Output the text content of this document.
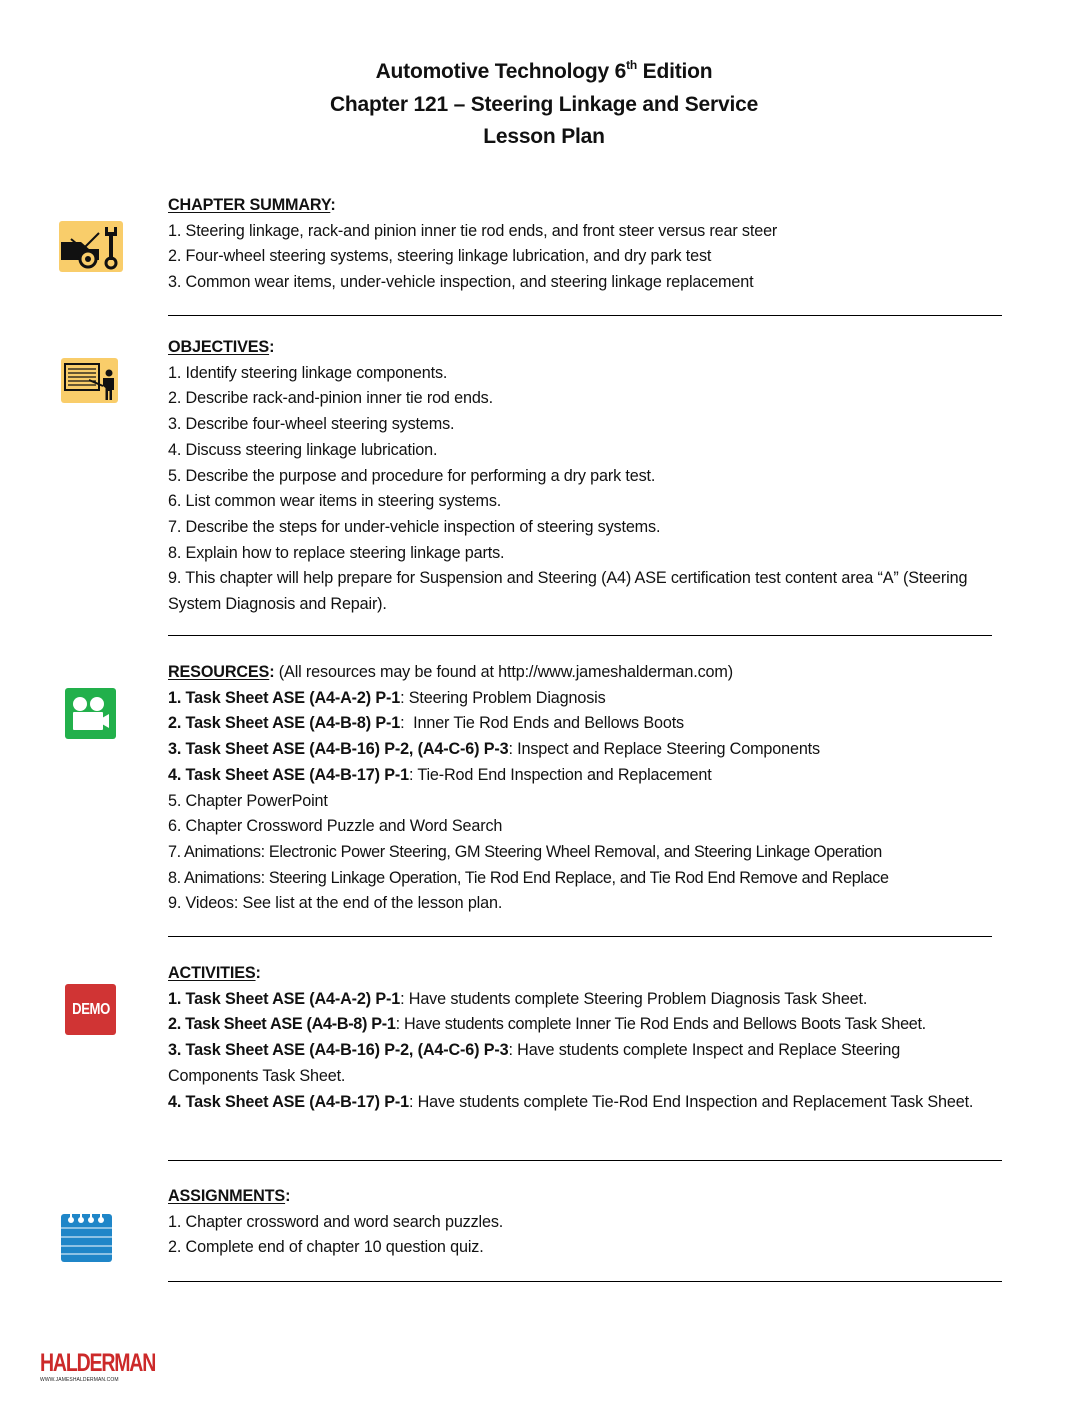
Automotive Technology 6th Edition
Chapter 121 – Steering Linkage and Service
Lesson Plan
CHAPTER SUMMARY:
1. Steering linkage, rack-and pinion inner tie rod ends, and front steer versus rear steer
2. Four-wheel steering systems, steering linkage lubrication, and dry park test
3. Common wear items, under-vehicle inspection, and steering linkage replacement
OBJECTIVES:
1. Identify steering linkage components.
2. Describe rack-and-pinion inner tie rod ends.
3. Describe four-wheel steering systems.
4. Discuss steering linkage lubrication.
5. Describe the purpose and procedure for performing a dry park test.
6. List common wear items in steering systems.
7. Describe the steps for under-vehicle inspection of steering systems.
8. Explain how to replace steering linkage parts.
9. This chapter will help prepare for Suspension and Steering (A4) ASE certification test content area “A” (Steering System Diagnosis and Repair).
RESOURCES: (All resources may be found at http://www.jameshalderman.com)
1. Task Sheet ASE (A4-A-2) P-1: Steering Problem Diagnosis
2. Task Sheet ASE (A4-B-8) P-1:  Inner Tie Rod Ends and Bellows Boots
3. Task Sheet ASE (A4-B-16) P-2, (A4-C-6) P-3: Inspect and Replace Steering Components
4. Task Sheet ASE (A4-B-17) P-1: Tie-Rod End Inspection and Replacement
5. Chapter PowerPoint
6. Chapter Crossword Puzzle and Word Search
7. Animations: Electronic Power Steering, GM Steering Wheel Removal, and Steering Linkage Operation
8. Animations: Steering Linkage Operation, Tie Rod End Replace, and Tie Rod End Remove and Replace
9. Videos: See list at the end of the lesson plan.
DEMO
ACTIVITIES:
1. Task Sheet ASE (A4-A-2) P-1: Have students complete Steering Problem Diagnosis Task Sheet.
2. Task Sheet ASE (A4-B-8) P-1: Have students complete Inner Tie Rod Ends and Bellows Boots Task Sheet.
3. Task Sheet ASE (A4-B-16) P-2, (A4-C-6) P-3: Have students complete Inspect and Replace Steering Components Task Sheet.
4. Task Sheet ASE (A4-B-17) P-1: Have students complete Tie-Rod End Inspection and Replacement Task Sheet.
ASSIGNMENTS:
1. Chapter crossword and word search puzzles.
2. Complete end of chapter 10 question quiz.
HALDERMAN
WWW.JAMESHALDERMAN.COM
